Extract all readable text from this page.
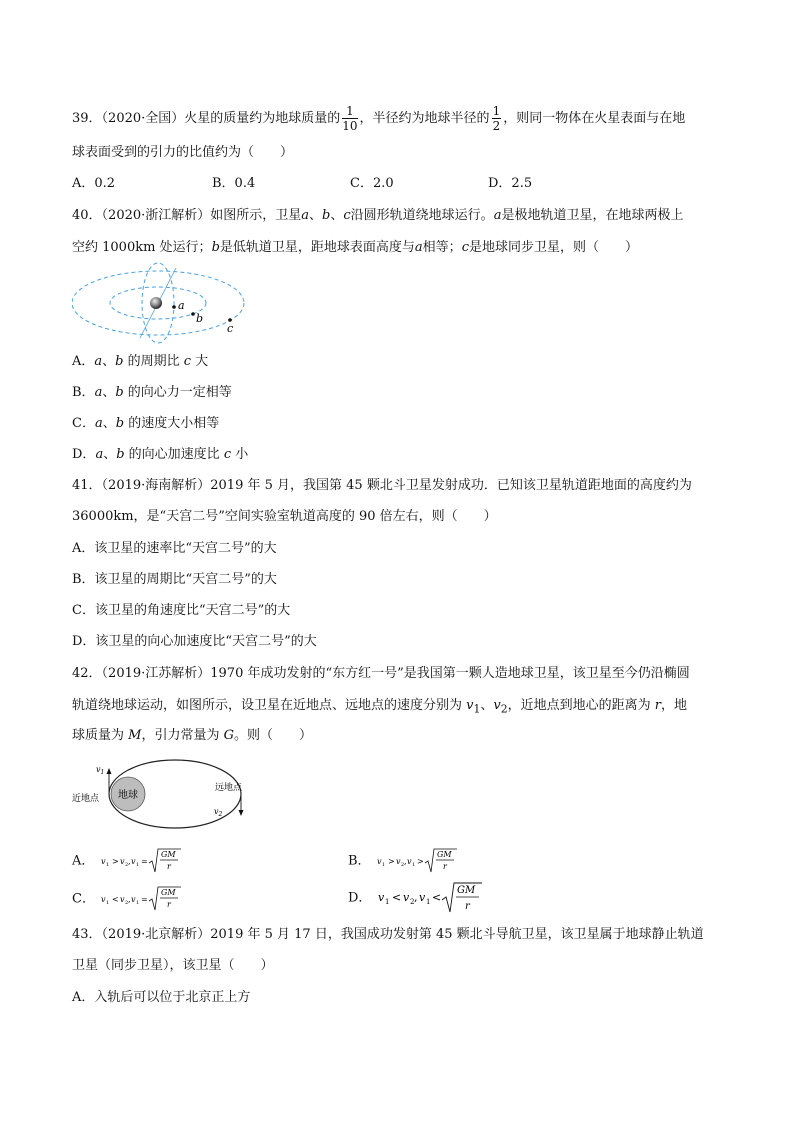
39．（2020·全国）火星的质量约为地球质量的 $\frac{1}{10}$ ，半径约为地球半径的 $\frac{1}{2}$ ，则同一物体在火星表面与在地
球表面受到的引力的比值约为（　　）
A．0.2	B．0.4	C．2.0	D．2.5
40．（2020·浙江解析）如图所示，卫星a、b、c沿圆形轨道绕地球运行。a是极地轨道卫星，在地球两极上
空约 1000km 处运行；b是低轨道卫星，距地球表面高度与a相等；c是地球同步卫星，则（　　）
a
b
c
A．a、b 的周期比 c 大
B．a、b 的向心力一定相等
C．a、b 的速度大小相等
D．a、b 的向心加速度比 c 小
41．（2019·海南解析）2019 年 5 月，我国第 45 颗北斗卫星发射成功．已知该卫星轨道距地面的高度约为
36000km，是“天宫二号”空间实验室轨道高度的 90 倍左右，则（　　）
A．该卫星的速率比“天宫二号”的大
B．该卫星的周期比“天宫二号”的大
C．该卫星的角速度比“天宫二号”的大
D．该卫星的向心加速度比“天宫二号”的大
42．（2019·江苏解析）1970 年成功发射的“东方红一号”是我国第一颗人造地球卫星，该卫星至今仍沿椭圆
轨道绕地球运动，如图所示，设卫星在近地点、远地点的速度分别为 $v_1$、$v_2$，近地点到地心的距离为 r，地
球质量为 M，引力常量为 G。则（　　）
地球
$v_1$
近地点
远地点
$v_2$
A． v 1 > v 2 , v 1 =
GM
r	B． v 1 > v 2 , v 1 >
GM
r
C． v 1 < v 2 , v 1 =
GM
r	D． v 1 < v 2 , v 1 <
GM
r
43．（2019·北京解析）2019 年 5 月 17 日，我国成功发射第 45 颗北斗导航卫星，该卫星属于地球静止轨道
卫星（同步卫星），该卫星（　　）
A．入轨后可以位于北京正上方
